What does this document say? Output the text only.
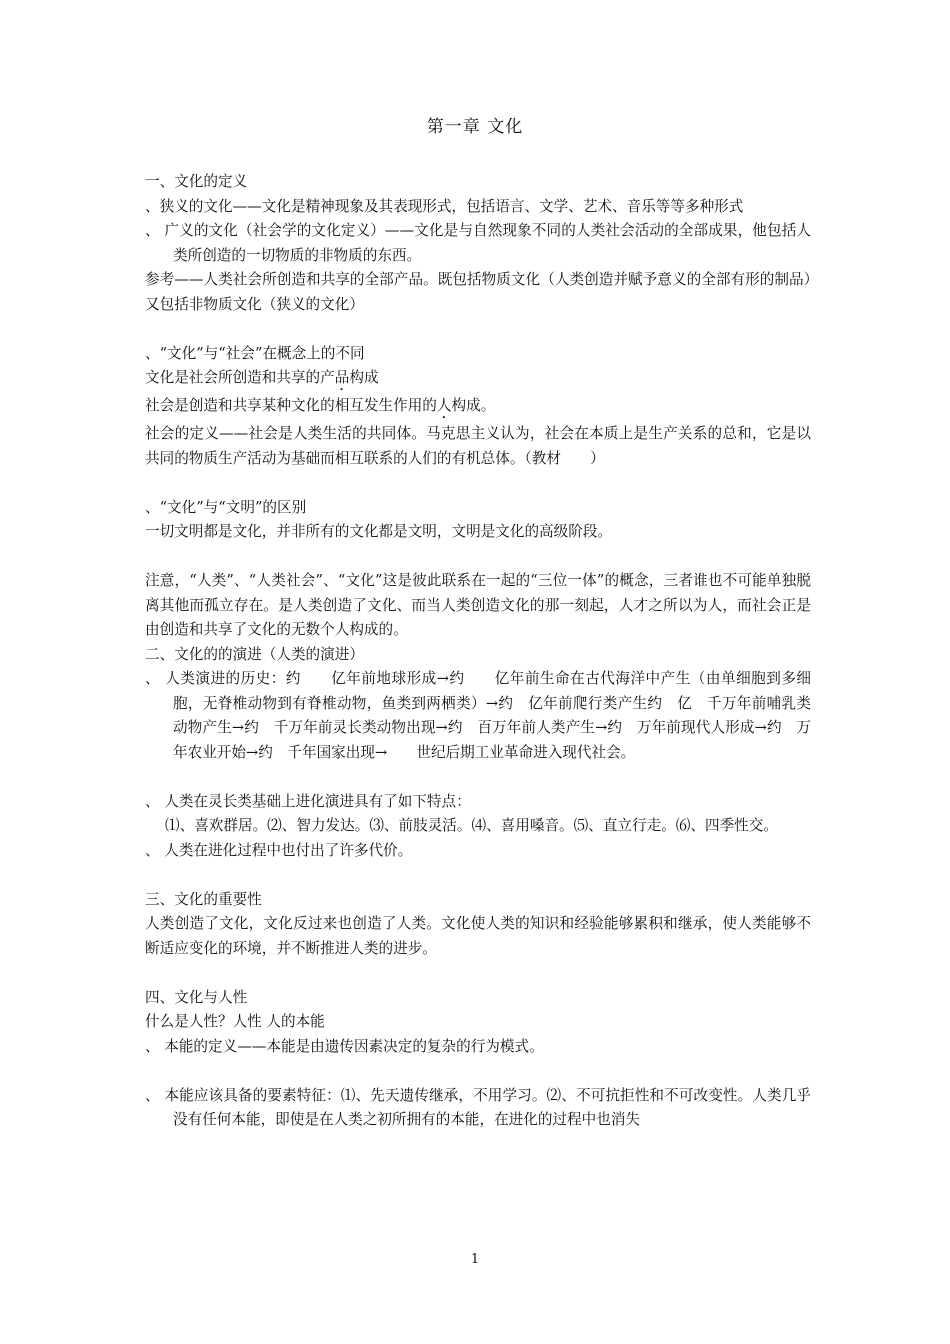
第一章 文化

一、文化的定义

、狭义的文化——文化是精神现象及其表现形式，包括语言、文学、艺术、音乐等等多种形式

、 广义的文化（社会学的文化定义）——文化是与自然现象不同的人类社会活动的全部成果，他包括人类所创造的一切物质的非物质的东西。

参考——人类社会所创造和共享的全部产品。既包括物质文化（人类创造并赋予意义的全部有形的制品）又包括非物质文化（狭义的文化）

、“文化”与“社会”在概念上的不同

文化是社会所创造和共享的产品构成

社会是创造和共享某种文化的相互发生作用的人构成。

社会的定义——社会是人类生活的共同体。马克思主义认为，社会在本质上是生产关系的总和，它是以共同的物质生产活动为基础而相互联系的人们的有机总体。（教材　　）

、“文化”与“文明”的区别

一切文明都是文化，并非所有的文化都是文明，文明是文化的高级阶段。

注意，“人类”、“人类社会”、“文化”这是彼此联系在一起的“三位一体”的概念，三者谁也不可能单独脱离其他而孤立存在。是人类创造了文化、而当人类创造文化的那一刻起，人才之所以为人，而社会正是由创造和共享了文化的无数个人构成的。

二、文化的的演进（人类的演进）

、 人类演进的历史：约　　亿年前地球形成→约　　亿年前生命在古代海洋中产生（由单细胞到多细胞，无脊椎动物到有脊椎动物，鱼类到两栖类）→约　亿年前爬行类产生约　亿　千万年前哺乳类动物产生→约　千万年前灵长类动物出现→约　百万年前人类产生→约　万年前现代人形成→约　万年农业开始→约　千年国家出现→　　世纪后期工业革命进入现代社会。

、 人类在灵长类基础上进化演进具有了如下特点：

⑴、喜欢群居。⑵、智力发达。⑶、前肢灵活。⑷、喜用嗓音。⑸、直立行走。⑹、四季性交。

、 人类在进化过程中也付出了许多代价。

三、文化的重要性

人类创造了文化，文化反过来也创造了人类。文化使人类的知识和经验能够累积和继承，使人类能够不断适应变化的环境，并不断推进人类的进步。

四、文化与人性

什么是人性？人性 人的本能

、 本能的定义——本能是由遗传因素决定的复杂的行为模式。

、 本能应该具备的要素特征：⑴、先天遗传继承，不用学习。⑵、不可抗拒性和不可改变性。人类几乎没有任何本能，即使是在人类之初所拥有的本能，在进化的过程中也消失

1
